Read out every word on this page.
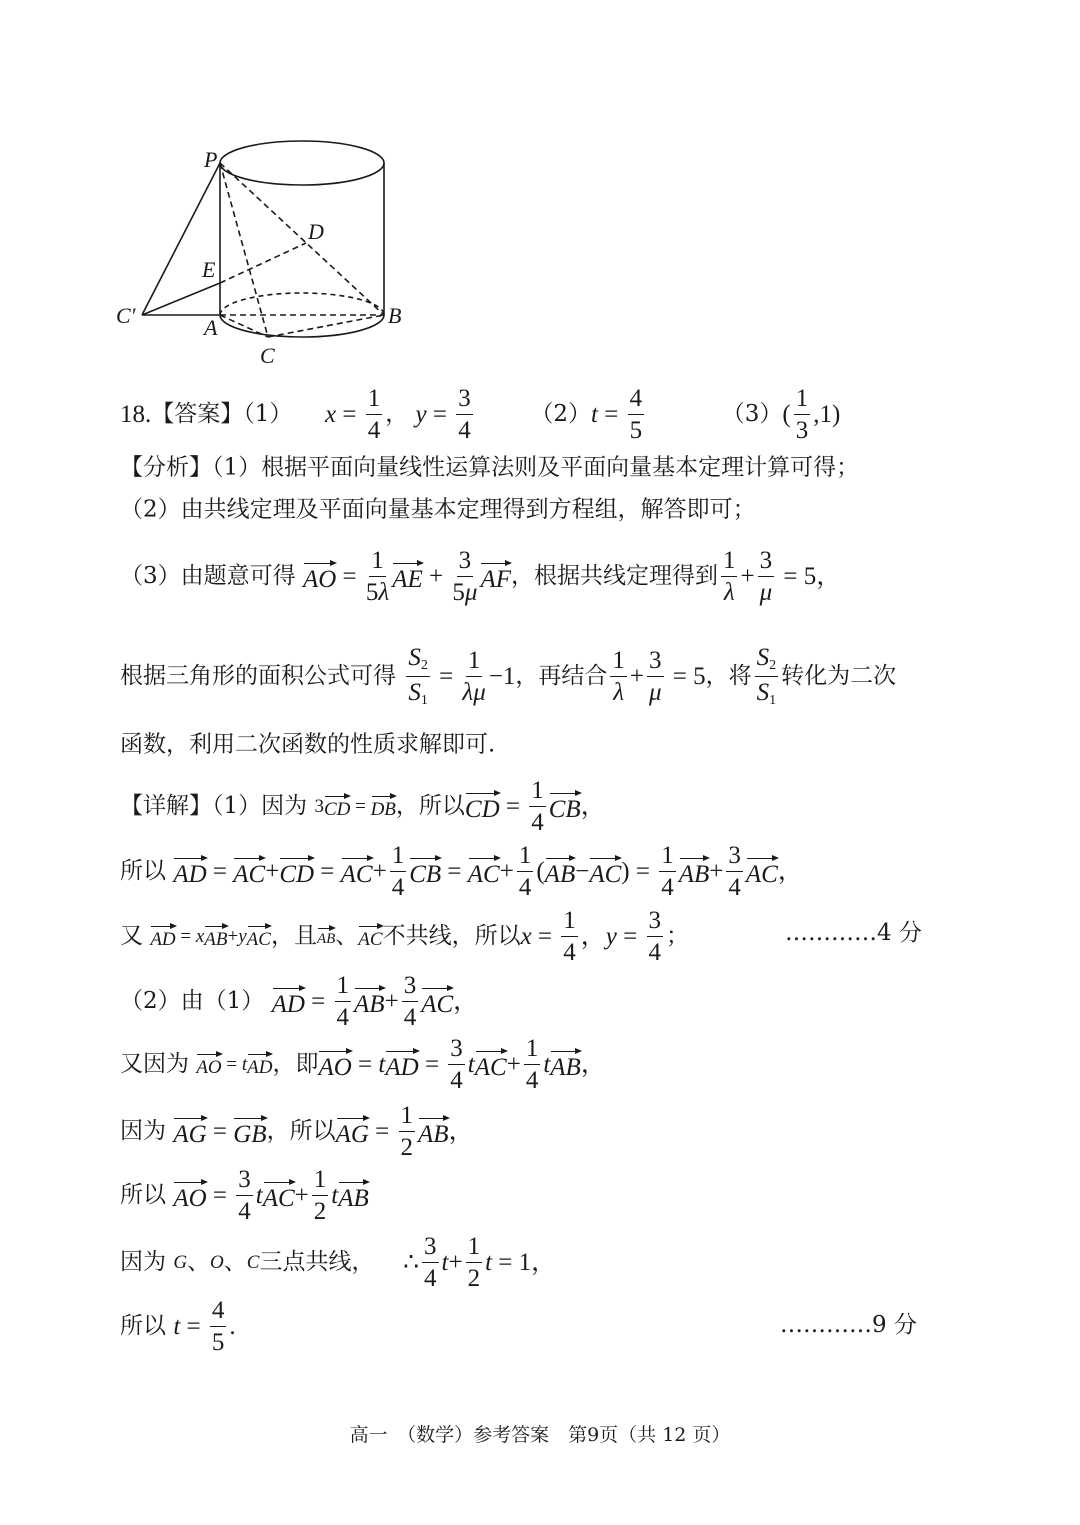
P
D
E
C′	A	B
C
18.【答案】（1） $x = \frac{1}{4}$ ， $y = \frac{3}{4}$	$(2)t = \frac{4}{5}$	$(3)( \frac{1}{3} ,1)$
【分析】（1）根据平面向量线性运算法则及平面向量基本定理计算可得；
（2）由共线定理及平面向量基本定理得到方程组，解答即可；
（3）由题意可得 AO = $\frac{1}{5\lambda}$ AE + $\frac{3}{5\mu}$ AF，根据共线定理得到 $\frac{1}{\lambda} + \frac{3}{\mu} = 5$，
根据三角形的面积公式可得 $\frac{S_2}{S_1} = \frac{1}{\lambda\mu} -1$，再结合 $\frac{1}{\lambda} + \frac{3}{\mu} = 5$，将 $\frac{S_2}{S_1}$ 转化为二次
函数，利用二次函数的性质求解即可.
【详解】（1）因为 3CD = DB，所以CD = $\frac{1}{4}$ CB，
所以 AD = $AC+CD = AC+ \frac{1}{4}$ CB = $AC+ \frac{1}{4} (AB-AC) = \frac{1}{4} AB+ \frac{3}{4}$ AC，
又 AD = xAB+yAC，且AB、AC不共线，所以$x = \frac{1}{4}$ ，$y = \frac{3}{4}$ ；	…………4 分
（2）由（1） AD = $\frac{1}{4} AB+ \frac{3}{4}$ AC，
又因为 AO = tAD，即AO = tAD = $\frac{3}{4} tAC+ \frac{1}{4}$ tAB，
因为 AG = GB，所以AG = $\frac{1}{2}$ AB，
所以 AO = $\frac{3}{4} tAC+ \frac{1}{2}$ tAB
因为 G、O、C三点共线， ∴ $\frac{3}{4} t+ \frac{1}{2}$ t = 1，
所以 $t = \frac{4}{5}$ .	…………9 分
高一　（数学）参考答案　第9页（共 12 页）
